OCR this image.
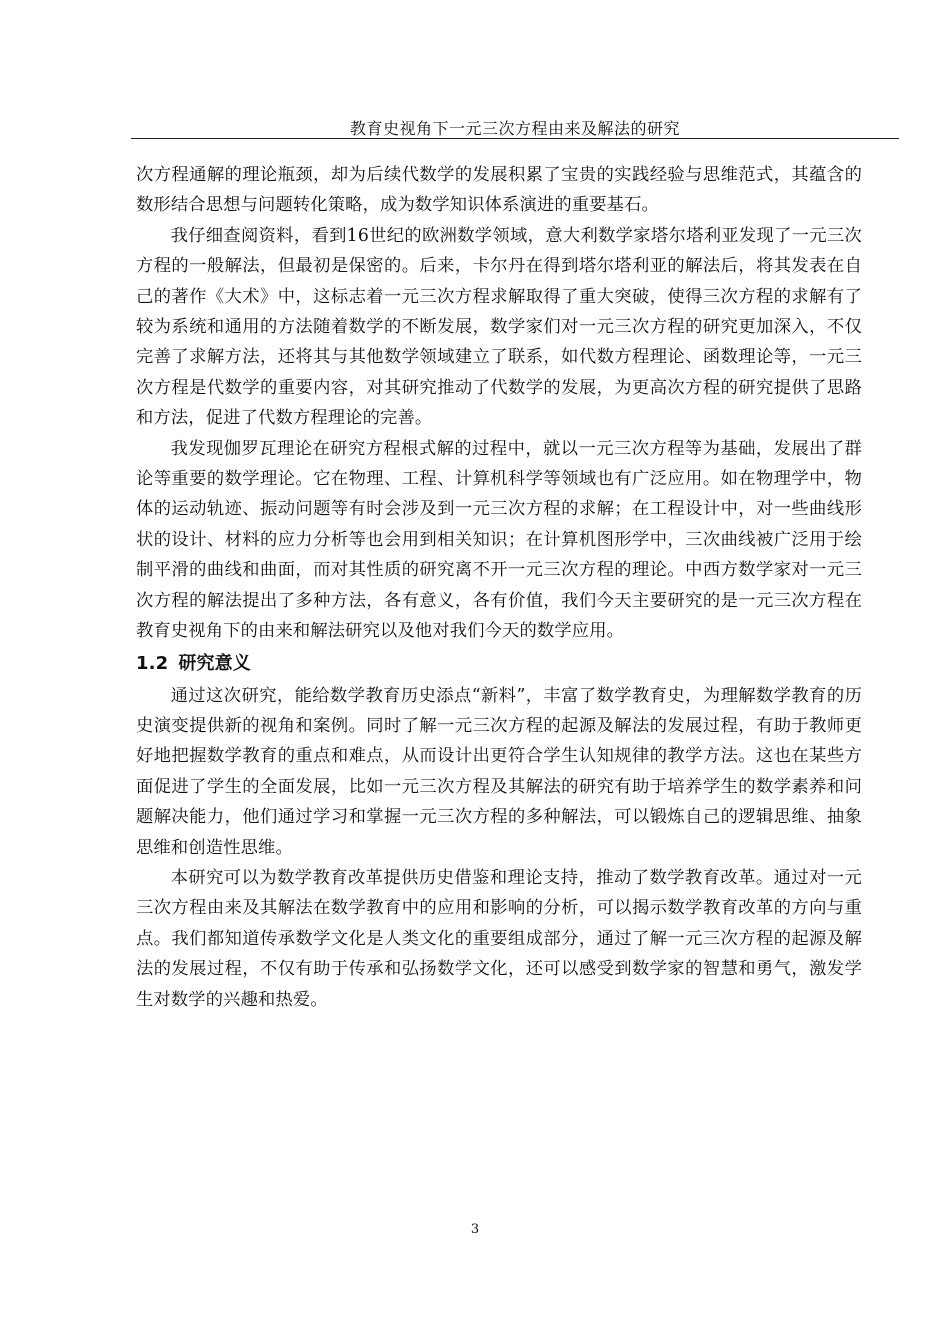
教育史视角下一元三次方程由来及解法的研究

次方程通解的理论瓶颈，却为后续代数学的发展积累了宝贵的实践经验与思维范式，其蕴含的数形结合思想与问题转化策略，成为数学知识体系演进的重要基石。

我仔细查阅资料，看到16世纪的欧洲数学领域，意大利数学家塔尔塔利亚发现了一元三次方程的一般解法，但最初是保密的。后来，卡尔丹在得到塔尔塔利亚的解法后，将其发表在自己的著作《大术》中，这标志着一元三次方程求解取得了重大突破，使得三次方程的求解有了较为系统和通用的方法随着数学的不断发展，数学家们对一元三次方程的研究更加深入，不仅完善了求解方法，还将其与其他数学领域建立了联系，如代数方程理论、函数理论等，一元三次方程是代数学的重要内容，对其研究推动了代数学的发展，为更高次方程的研究提供了思路和方法，促进了代数方程理论的完善。

我发现伽罗瓦理论在研究方程根式解的过程中，就以一元三次方程等为基础，发展出了群论等重要的数学理论。它在物理、工程、计算机科学等领域也有广泛应用。如在物理学中，物体的运动轨迹、振动问题等有时会涉及到一元三次方程的求解；在工程设计中，对一些曲线形状的设计、材料的应力分析等也会用到相关知识；在计算机图形学中，三次曲线被广泛用于绘制平滑的曲线和曲面，而对其性质的研究离不开一元三次方程的理论。中西方数学家对一元三次方程的解法提出了多种方法，各有意义，各有价值，我们今天主要研究的是一元三次方程在教育史视角下的由来和解法研究以及他对我们今天的数学应用。

1.2 研究意义

通过这次研究，能给数学教育历史添点“新料”，丰富了数学教育史，为理解数学教育的历史演变提供新的视角和案例。同时了解一元三次方程的起源及解法的发展过程，有助于教师更好地把握数学教育的重点和难点，从而设计出更符合学生认知规律的教学方法。这也在某些方面促进了学生的全面发展，比如一元三次方程及其解法的研究有助于培养学生的数学素养和问题解决能力，他们通过学习和掌握一元三次方程的多种解法，可以锻炼自己的逻辑思维、抽象思维和创造性思维。

本研究可以为数学教育改革提供历史借鉴和理论支持，推动了数学教育改革。通过对一元三次方程由来及其解法在数学教育中的应用和影响的分析，可以揭示数学教育改革的方向与重点。我们都知道传承数学文化是人类文化的重要组成部分，通过了解一元三次方程的起源及解法的发展过程，不仅有助于传承和弘扬数学文化，还可以感受到数学家的智慧和勇气，激发学生对数学的兴趣和热爱。

3
